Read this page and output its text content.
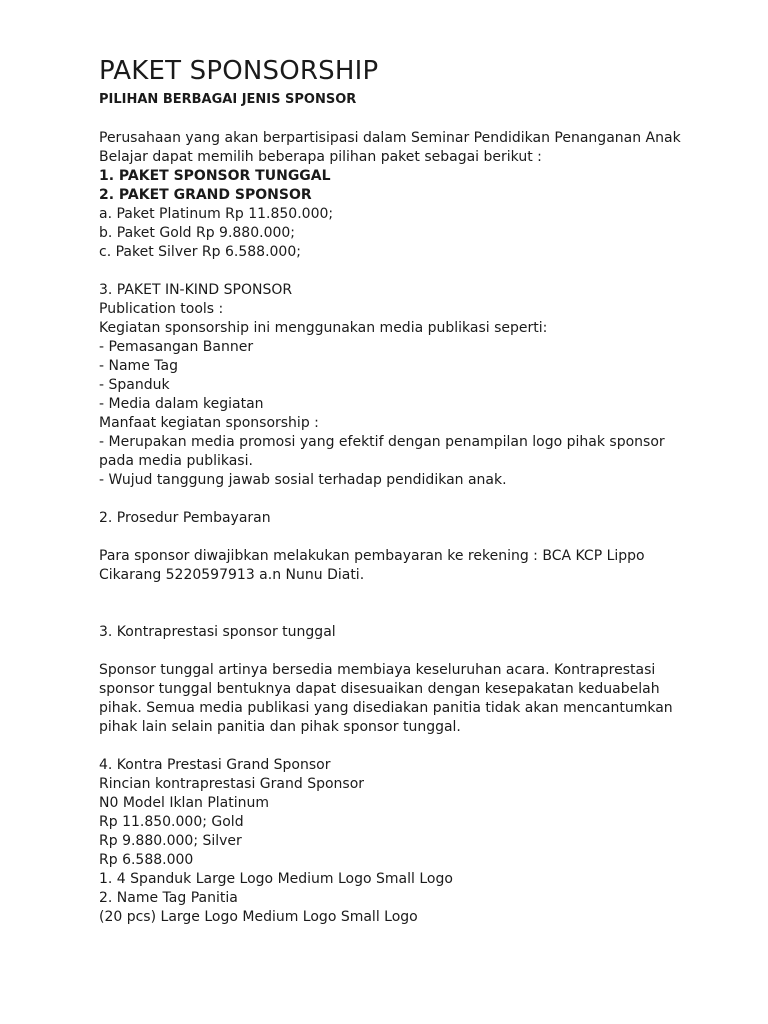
PAKET SPONSORSHIP

PILIHAN BERBAGAI JENIS SPONSOR

Perusahaan yang akan berpartisipasi dalam Seminar Pendidikan Penanganan Anak

Belajar dapat memilih beberapa pilihan paket sebagai berikut :

1. PAKET SPONSOR TUNGGAL

2. PAKET GRAND SPONSOR

a. Paket Platinum Rp 11.850.000;

b. Paket Gold Rp 9.880.000;

c. Paket Silver Rp 6.588.000;

3. PAKET IN-KIND SPONSOR

Publication tools :

Kegiatan sponsorship ini menggunakan media publikasi seperti:

- Pemasangan Banner

- Name Tag

- Spanduk

- Media dalam kegiatan

Manfaat kegiatan sponsorship :

- Merupakan media promosi yang efektif dengan penampilan logo pihak sponsor

pada media publikasi.

- Wujud tanggung jawab sosial terhadap pendidikan anak.

2. Prosedur Pembayaran

Para sponsor diwajibkan melakukan pembayaran ke rekening : BCA KCP Lippo

Cikarang 5220597913 a.n Nunu Diati.

3. Kontraprestasi sponsor tunggal

Sponsor tunggal artinya bersedia membiaya keseluruhan acara. Kontraprestasi

sponsor tunggal bentuknya dapat disesuaikan dengan kesepakatan keduabelah

pihak. Semua media publikasi yang disediakan panitia tidak akan mencantumkan

pihak lain selain panitia dan pihak sponsor tunggal.

4. Kontra Prestasi Grand Sponsor

Rincian kontraprestasi Grand Sponsor

N0 Model Iklan Platinum

Rp 11.850.000; Gold

Rp 9.880.000; Silver

Rp 6.588.000

1. 4 Spanduk Large Logo Medium Logo Small Logo

2. Name Tag Panitia

(20 pcs) Large Logo Medium Logo Small Logo
